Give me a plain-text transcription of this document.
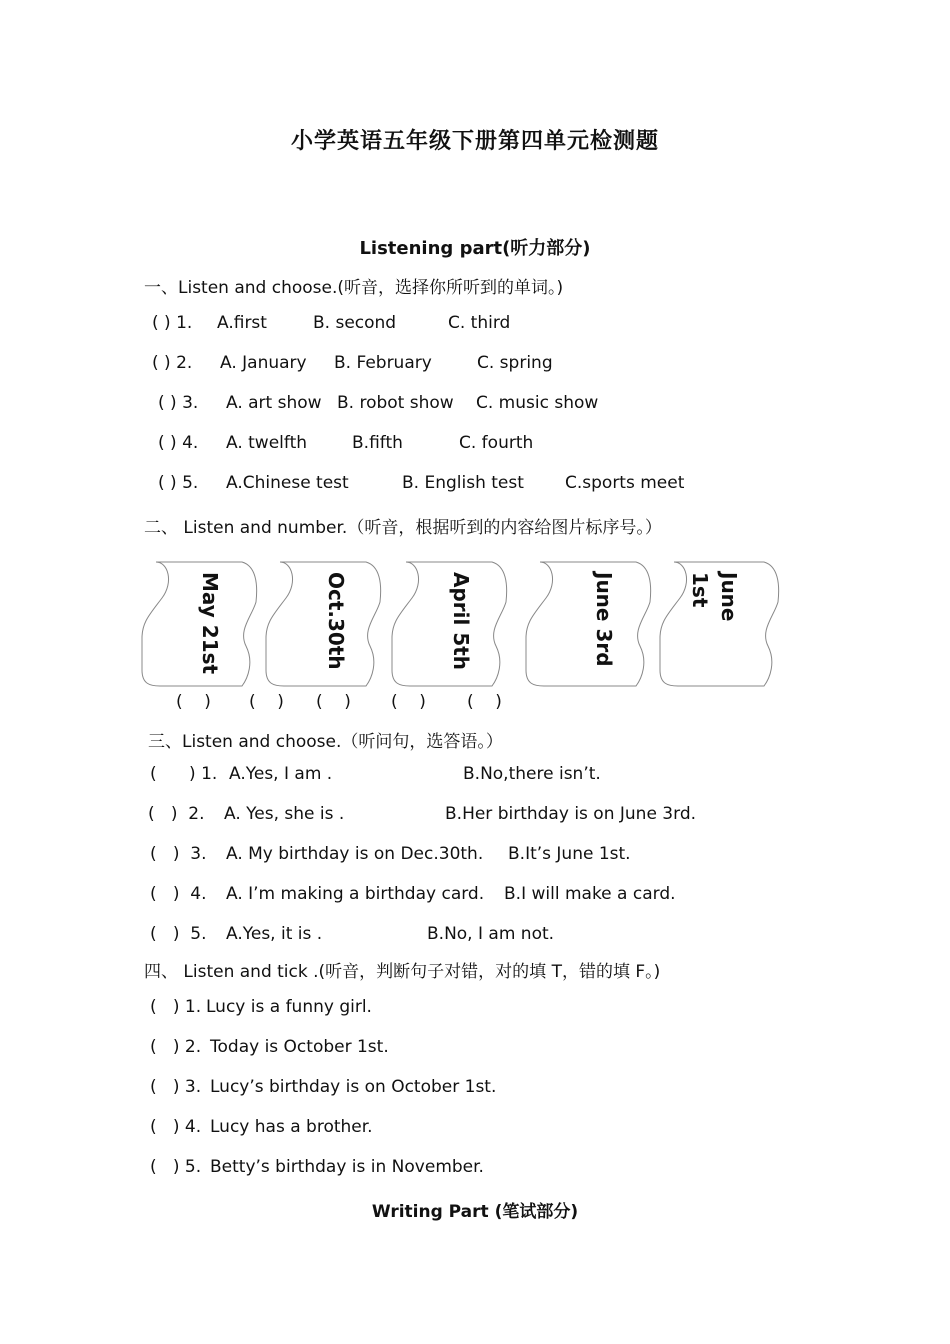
小学英语五年级下册第四单元检测题
Listening part(听力部分)
一、Listen and choose.(听音，选择你所听到的单词。)
( ) 1. A.first	B. second	C. third
( ) 2. A. January B. February	C. spring
( ) 3. A. art show B. robot show C. music show
( ) 4. A. twelfth	B.fifth	C. fourth
( ) 5. A.Chinese test	B. English test C.sports meet
二、 Listen and number.（听音，根据听到的内容给图片标序号。）
May 21st	Oct.30th	April 5th	June 3rd	June
1st
(    ) (    ) (    ) (    ) (    )
三、Listen and choose.（听问句，选答语。）
(      ) 1. A.Yes, I am .	B.No,there isn’t.
(   )  2. A. Yes, she is .	B.Her birthday is on June 3rd.
(   )  3. A. My birthday is on Dec.30th. B.It’s June 1st.
(   )  4. A. I’m making a birthday card. B.I will make a card.
(   )  5. A.Yes, it is .	B.No, I am not.
四、 Listen and tick .(听音，判断句子对错，对的填 T，错的填 F。)
(   ) 1. Lucy is a funny girl.
(   ) 2. Today is October 1st.
(   ) 3. Lucy’s birthday is on October 1st.
(   ) 4. Lucy has a brother.
(   ) 5. Betty’s birthday is in November.
Writing Part (笔试部分)
